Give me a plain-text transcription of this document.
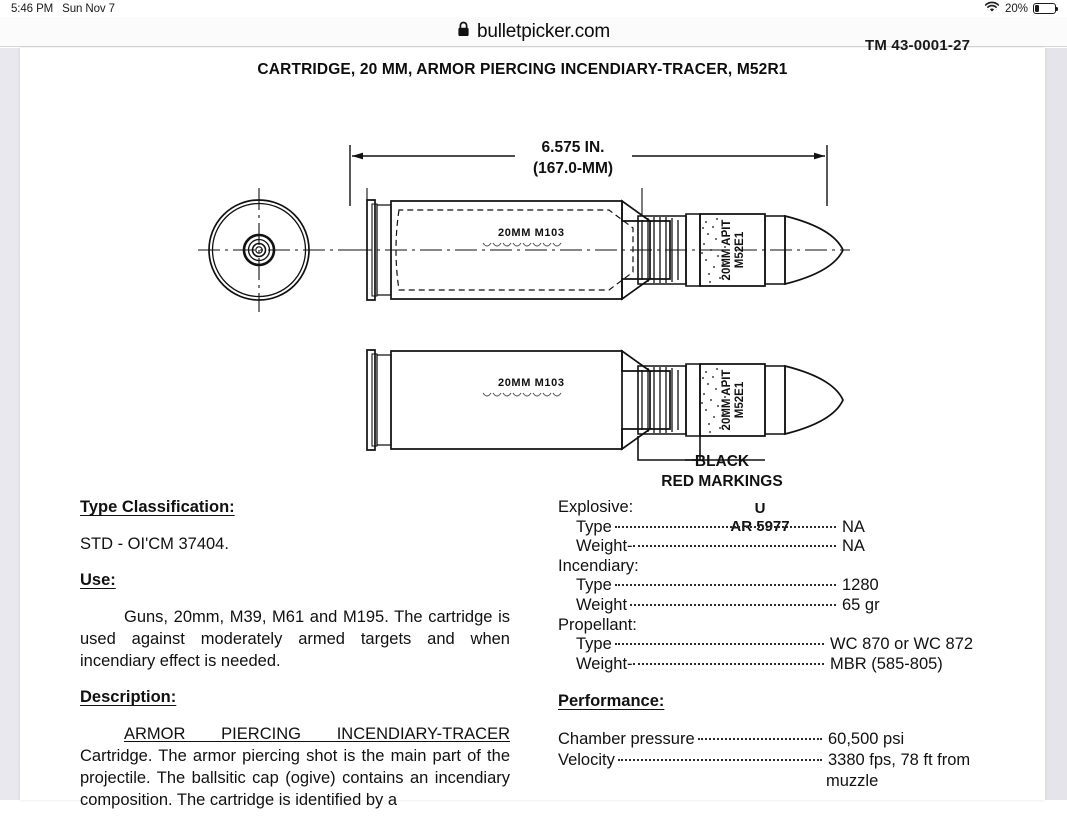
5:46 PM Sun Nov 7	20%
bulletpicker.com
TM 43-0001-27
CARTRIDGE, 20 MM, ARMOR PIERCING INCENDIARY-TRACER, M52R1
20MM M103	20MM APIT M52E1
20MM M103	20MM APIT M52E1
6.575 IN.
(167.0-MM)
BLACK
RED MARKINGS
U
AR 5977
Type Classification:
STD - OI'CM 37404.
Use:
Guns, 20mm, M39, M61 and M195. The cartridge is used against moderately armed targets and when incendiary effect is needed.
Description:
ARMOR PIERCING INCENDIARY-TRACER Cartridge. The armor piercing shot is the main part of the projectile. The ballsitic cap (ogive) contains an incendiary composition. The cartridge is identified by a
Explosive:
Type	NA
Weight-	NA
Incendiary:
Type	1280
Weight	65 gr
Propellant:
Type	WC 870 or WC 872
Weight-	MBR (585-805)
Performance:
Chamber pressure	60,500 psi
Velocity	3380 fps, 78 ft from
muzzle
